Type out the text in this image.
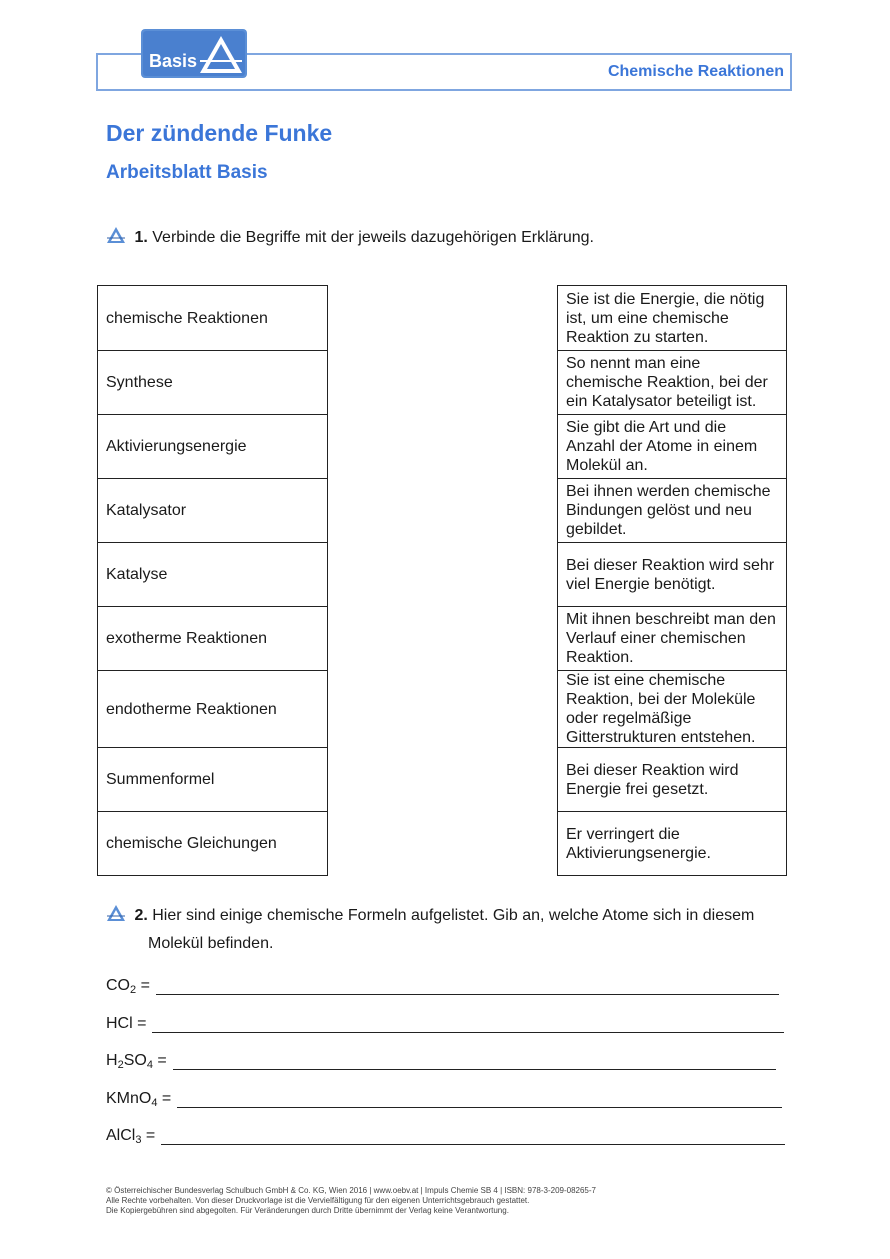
Basis
Chemische Reaktionen
Der zündende Funke
Arbeitsblatt Basis
1. Verbinde die Begriffe mit der jeweils dazugehörigen Erklärung.
chemische Reaktionen
Synthese
Aktivierungsenergie
Katalysator
Katalyse
exotherme Reaktionen
endotherme Reaktionen
Summenformel
chemische Gleichungen
Sie ist die Energie, die nötig ist, um eine chemische Reaktion zu starten.
So nennt man eine chemische Reaktion, bei der ein Katalysator beteiligt ist.
Sie gibt die Art und die Anzahl der Atome in einem Molekül an.
Bei ihnen werden chemische Bindungen gelöst und neu gebildet.
Bei dieser Reaktion wird sehr viel Energie benötigt.
Mit ihnen beschreibt man den Verlauf einer chemischen Reaktion.
Sie ist eine chemische Reaktion, bei der Moleküle oder regelmäßige Gitterstrukturen entstehen.
Bei dieser Reaktion wird Energie frei gesetzt.
Er verringert die Aktivierungsenergie.
2. Hier sind einige chemische Formeln aufgelistet. Gib an, welche Atome sich in diesem
Molekül befinden.
$CO_2$ =
HCl =
$H_2SO_4$ =
KMnO$_4$ =
AlCl$_3$ =
© Österreichischer Bundesverlag Schulbuch GmbH & Co. KG, Wien 2016 | www.oebv.at | Impuls Chemie SB 4 | ISBN: 978-3-209-08265-7
Alle Rechte vorbehalten. Von dieser Druckvorlage ist die Vervielfältigung für den eigenen Unterrichtsgebrauch gestattet.
Die Kopiergebühren sind abgegolten. Für Veränderungen durch Dritte übernimmt der Verlag keine Verantwortung.
